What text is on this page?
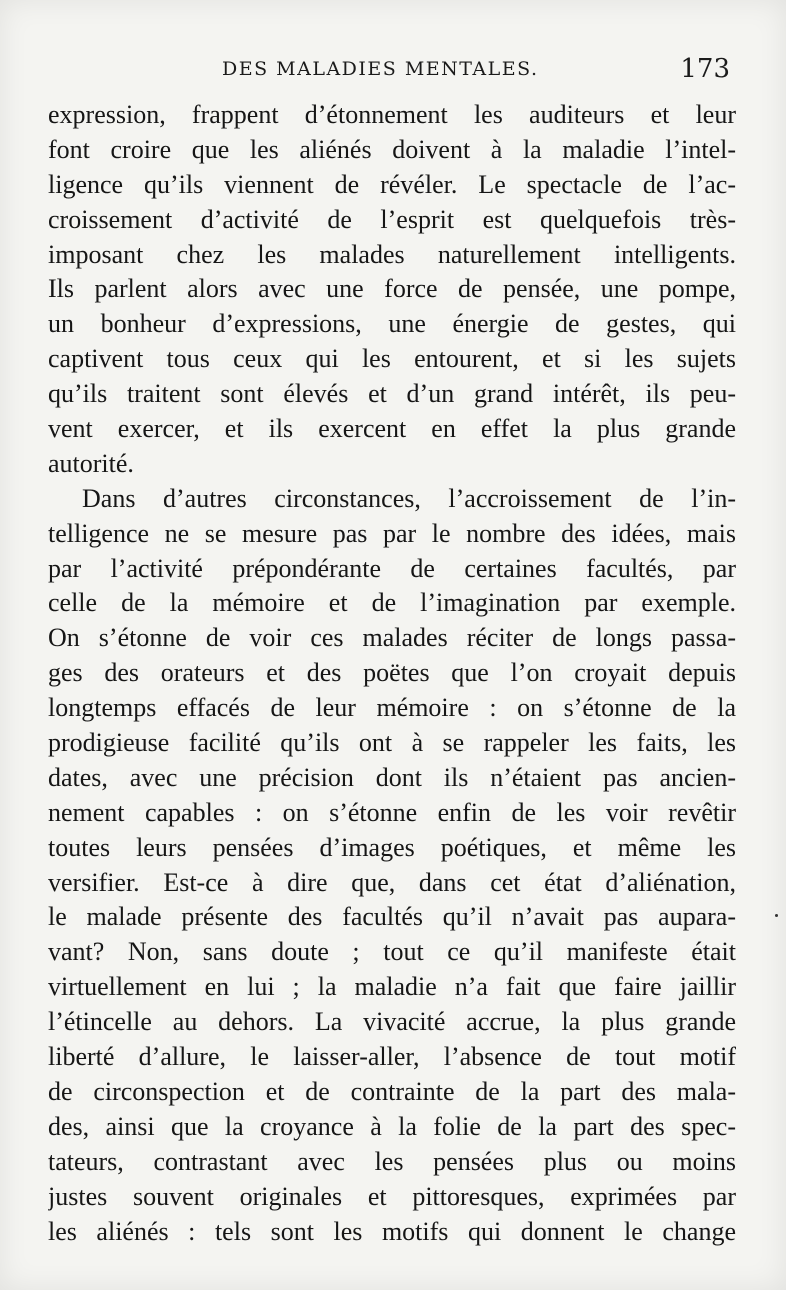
DES MALADIES MENTALES.	173
expression, frappent d’étonnement les auditeurs et leur
font croire que les aliénés doivent à la maladie l’intel-
ligence qu’ils viennent de révéler. Le spectacle de l’ac-
croissement d’activité de l’esprit est quelquefois très-
imposant chez les malades naturellement intelligents.
Ils parlent alors avec une force de pensée, une pompe,
un bonheur d’expressions, une énergie de gestes, qui
captivent tous ceux qui les entourent, et si les sujets
qu’ils traitent sont élevés et d’un grand intérêt, ils peu-
vent exercer, et ils exercent en effet la plus grande
autorité.
Dans d’autres circonstances, l’accroissement de l’in-
telligence ne se mesure pas par le nombre des idées, mais
par l’activité prépondérante de certaines facultés, par
celle de la mémoire et de l’imagination par exemple.
On s’étonne de voir ces malades réciter de longs passa-
ges des orateurs et des poëtes que l’on croyait depuis
longtemps effacés de leur mémoire : on s’étonne de la
prodigieuse facilité qu’ils ont à se rappeler les faits, les
dates, avec une précision dont ils n’étaient pas ancien-
nement capables : on s’étonne enfin de les voir revêtir
toutes leurs pensées d’images poétiques, et même les
versifier. Est-ce à dire que, dans cet état d’aliénation,
le malade présente des facultés qu’il n’avait pas aupara-
vant? Non, sans doute ; tout ce qu’il manifeste était
virtuellement en lui ; la maladie n’a fait que faire jaillir
l’étincelle au dehors. La vivacité accrue, la plus grande
liberté d’allure, le laisser-aller, l’absence de tout motif
de circonspection et de contrainte de la part des mala-
des, ainsi que la croyance à la folie de la part des spec-
tateurs, contrastant avec les pensées plus ou moins
justes souvent originales et pittoresques, exprimées par
les aliénés : tels sont les motifs qui donnent le change
